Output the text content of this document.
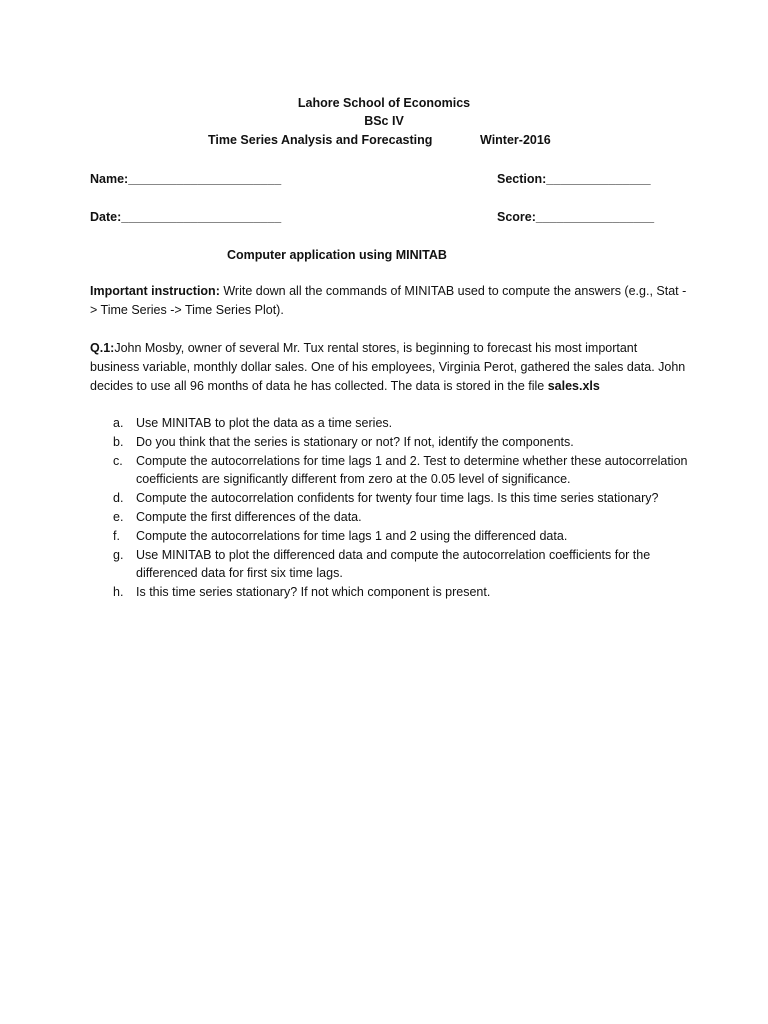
Lahore School of Economics
BSc IV
Time Series Analysis and Forecasting	Winter-2016
Name:______________________	Section:_______________
Date:_______________________	Score:_________________
Computer application using MINITAB
Important instruction: Write down all the commands of MINITAB used to compute the answers (e.g., Stat -> Time Series -> Time Series Plot).
Q.1:John Mosby, owner of several Mr. Tux rental stores, is beginning to forecast his most important business variable, monthly dollar sales. One of his employees, Virginia Perot, gathered the sales data. John decides to use all 96 months of data he has collected. The data is stored in the file sales.xls
a. Use MINITAB to plot the data as a time series.
b. Do you think that the series is stationary or not? If not, identify the components.
c. Compute the autocorrelations for time lags 1 and 2. Test to determine whether these autocorrelation coefficients are significantly different from zero at the 0.05 level of significance.
d. Compute the autocorrelation confidents for twenty four time lags. Is this time series stationary?
e. Compute the first differences of the data.
f. Compute the autocorrelations for time lags 1 and 2 using the differenced data.
g. Use MINITAB to plot the differenced data and compute the autocorrelation coefficients for the differenced data for first six time lags.
h. Is this time series stationary? If not which component is present.
